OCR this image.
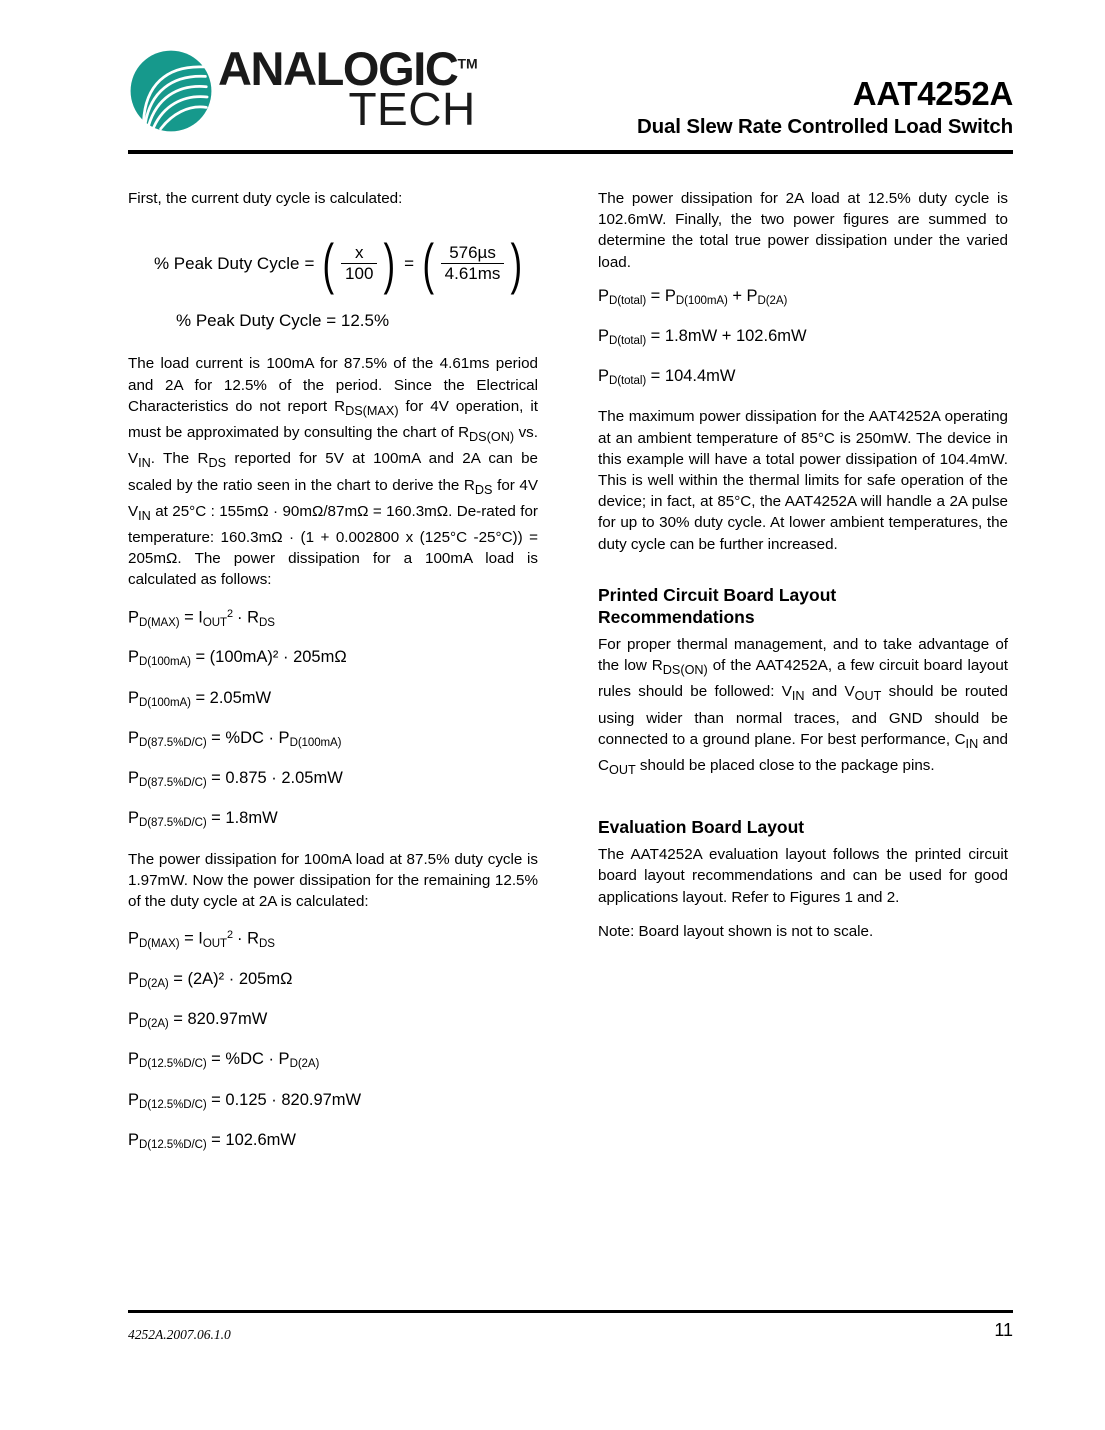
ANALOGIC™
TECH	AAT4252A
Dual Slew Rate Controlled Load Switch

First, the current duty cycle is calculated:

% Peak Duty Cycle = ( $\frac{x}{100}$ ) = ( $\frac{\text{576µs}}{4.61ms}$ )
% Peak Duty Cycle = 12.5%

The load current is 100mA for 87.5% of the 4.61ms period and 2A for 12.5% of the period. Since the Electrical Characteristics do not report $R_{DS(MAX)}$ for 4V operation, it must be approximated by consulting the chart of $R_{DS(ON)}$ vs. $V_{IN}$. The $R_{DS}$ reported for 5V at 100mA and 2A can be scaled by the ratio seen in the chart to derive the $R_{DS}$ for 4V $V_{IN}$ at 25°C : 155mΩ · 90mΩ/87mΩ = 160.3mΩ. De-rated for temperature: 160.3mΩ · (1 + 0.002800 x (125°C -25°C)) = 205mΩ. The power dissipation for a 100mA load is calculated as follows:

$P_{D(MAX)} = I_{OUT}^2 \cdot R_{DS}$
$P_{D(100mA)} = (100mA)^2 \cdot 205m\Omega$
$P_{D(100mA)} = 2.05mW$
$P_{D(87.5\%D/C)} = \%DC \cdot P_{D(100mA)}$
$P_{D(87.5\%D/C)} = 0.875 \cdot 2.05mW$
$P_{D(87.5\%D/C)} = 1.8mW$

The power dissipation for 100mA load at 87.5% duty cycle is 1.97mW. Now the power dissipation for the remaining 12.5% of the duty cycle at 2A is calculated:

$P_{D(MAX)} = I_{OUT}^2 \cdot R_{DS}$
$P_{D(2A)} = (2A)^2 \cdot 205m\Omega$
$P_{D(2A)} = 820.97mW$
$P_{D(12.5\%D/C)} = \%DC \cdot P_{D(2A)}$
$P_{D(12.5\%D/C)} = 0.125 \cdot 820.97mW$
$P_{D(12.5\%D/C)} = 102.6mW$

The power dissipation for 2A load at 12.5% duty cycle is 102.6mW. Finally, the two power figures are summed to determine the total true power dissipation under the varied load.

$P_{D(total)} = P_{D(100mA)} + P_{D(2A)}$
$P_{D(total)} = 1.8mW + 102.6mW$
$P_{D(total)} = 104.4mW$

The maximum power dissipation for the AAT4252A operating at an ambient temperature of 85°C is 250mW. The device in this example will have a total power dissipation of 104.4mW. This is well within the thermal limits for safe operation of the device; in fact, at 85°C, the AAT4252A will handle a 2A pulse for up to 30% duty cycle. At lower ambient temperatures, the duty cycle can be further increased.

Printed Circuit Board Layout
Recommendations

For proper thermal management, and to take advantage of the low $R_{DS(ON)}$ of the AAT4252A, a few circuit board layout rules should be followed: $V_{IN}$ and $V_{OUT}$ should be routed using wider than normal traces, and GND should be connected to a ground plane. For best performance, $C_{IN}$ and $C_{OUT}$ should be placed close to the package pins.

Evaluation Board Layout

The AAT4252A evaluation layout follows the printed circuit board layout recommendations and can be used for good applications layout. Refer to Figures 1 and 2.

Note: Board layout shown is not to scale.

4252A.2007.06.1.0	11
